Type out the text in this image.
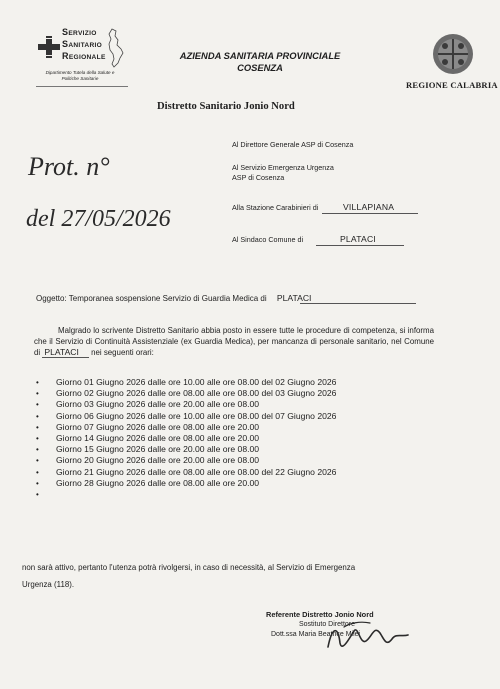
SERVIZIO
SANITARIO
REGIONALE
Dipartimento Tutela della Salute e Politiche Sanitarie
AZIENDA SANITARIA PROVINCIALE
COSENZA
REGIONE CALABRIA
Distretto Sanitario Jonio Nord
Al Direttore Generale ASP di Cosenza
Al Servizio Emergenza Urgenza
ASP di Cosenza
Alla Stazione Carabinieri di	VILLAPIANA
Al Sindaco Comune di	PLATACI
Prot. n°
del 27/05/2026
Oggetto: Temporanea sospensione Servizio di Guardia Medica di PLATACI
Malgrado lo scrivente Distretto Sanitario abbia posto in essere tutte le procedure di competenza, si informa che il Servizio di Continuità Assistenziale (ex Guardia Medica), per mancanza di personale sanitario, nel Comune di PLATACI nei seguenti orari:
• Giorno 01 Giugno 2026 dalle ore 10.00 alle ore 08.00 del 02 Giugno 2026
• Giorno 02 Giugno 2026 dalle ore 08.00 alle ore 08.00 del 03 Giugno 2026
• Giorno 03 Giugno 2026 dalle ore 20.00 alle ore 08.00
• Giorno 06 Giugno 2026 dalle ore 10.00 alle ore 08.00 del 07 Giugno 2026
• Giorno 07 Giugno 2026 dalle ore 08.00 alle ore 20.00
• Giorno 14 Giugno 2026 dalle ore 08.00 alle ore 20.00
• Giorno 15 Giugno 2026 dalle ore 20.00 alle ore 08.00
• Giorno 20 Giugno 2026 dalle ore 20.00 alle ore 08.00
• Giorno 21 Giugno 2026 dalle ore 08.00 alle ore 08.00 del 22 Giugno 2026
• Giorno 28 Giugno 2026 dalle ore 08.00 alle ore 20.00
•
non sarà attivo, pertanto l'utenza potrà rivolgersi, in caso di necessità, al Servizio di Emergenza
Urgenza (118).
Referente Distretto Jonio Nord
Sostituto Direttore
Dott.ssa Maria Beatrice Milei
